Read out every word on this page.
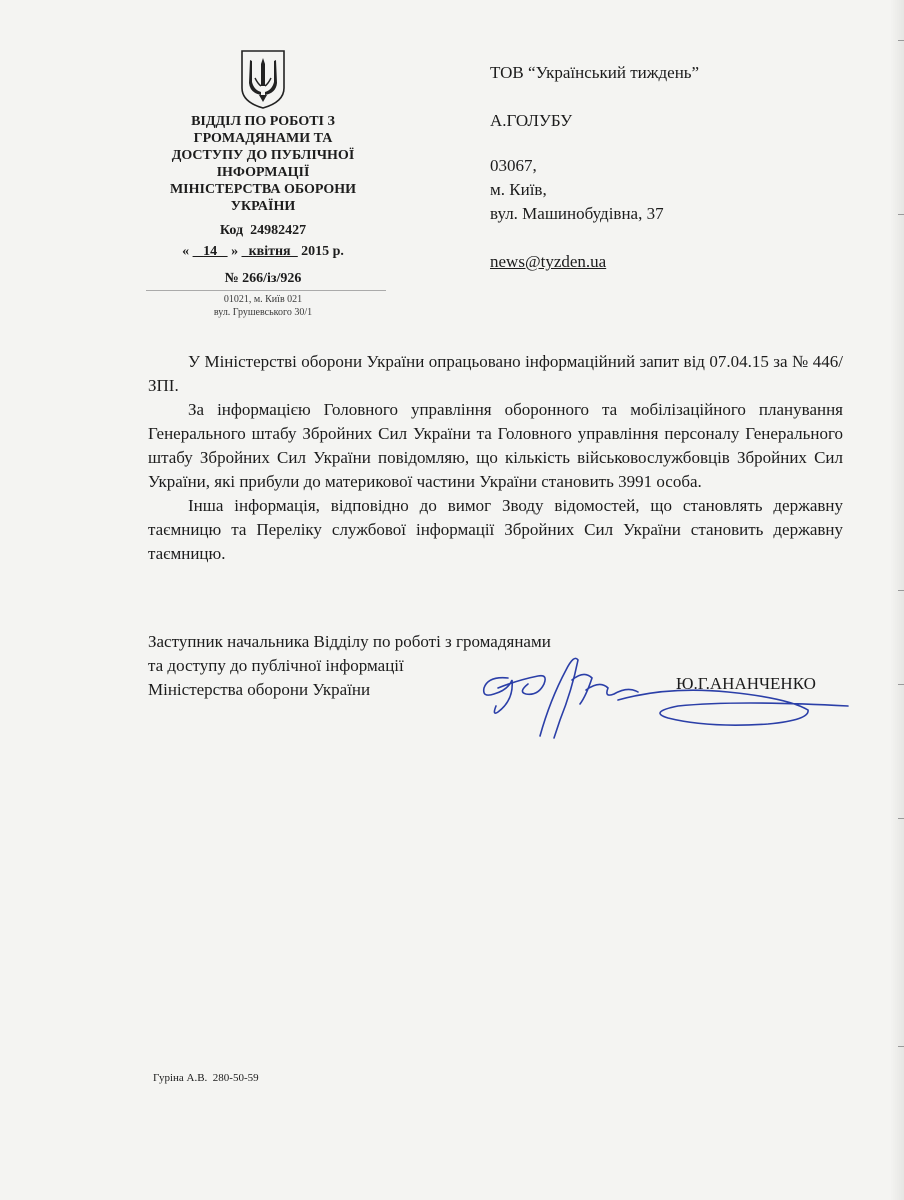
ВІДДІЛ ПО РОБОТІ З
ГРОМАДЯНАМИ ТА
ДОСТУПУ ДО ПУБЛІЧНОЇ
ІНФОРМАЦІЇ
МІНІСТЕРСТВА ОБОРОНИ
УКРАЇНИ
Код 24982427
«  _14_  » _квітня_ 2015 р.
№ 266/із/926
01021, м. Київ 021
вул. Грушевського 30/1
ТОВ “Український тиждень”
А.ГОЛУБУ
03067,
м. Київ,
вул. Машинобудівна, 37
news@tyzden.ua

У Міністерстві оборони України опрацьовано інформаційний запит від 07.04.15 за № 446/ЗПІ.

За інформацією Головного управління оборонного та мобілізаційного планування Генерального штабу Збройних Сил України та Головного управління персоналу Генерального штабу Збройних Сил України повідомляю, що кількість військовослужбовців Збройних Сил України, які прибули до материкової частини України становить 3991 особа.

Інша інформація, відповідно до вимог Зводу відомостей, що становлять державну таємницю та Переліку службової інформації Збройних Сил України становить державну таємницю.

Заступник начальника Відділу по роботі з громадянами
та доступу до публічної інформації
Міністерства оборони України	Ю.Г.АНАНЧЕНКО
Гуріна А.В. 280-50-59
